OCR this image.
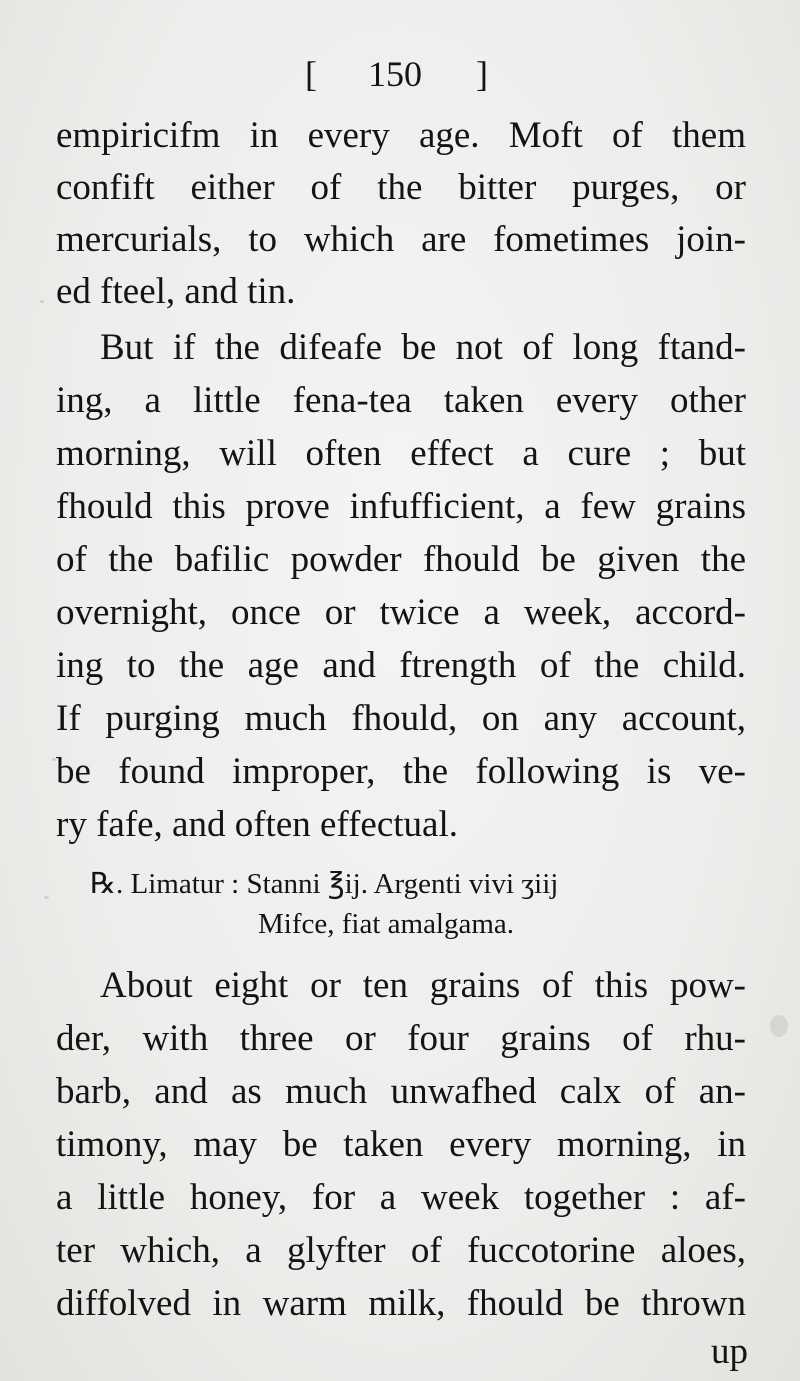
[ 150 ]
empiricifm in every age. Moft of them
confift either of the bitter purges, or
mercurials, to which are fometimes join-
ed fteel, and tin.
But if the difeafe be not of long ftand-
ing, a little fena-tea taken every other
morning, will often effect a cure ; but
fhould this prove infufficient, a few grains
of the bafilic powder fhould be given the
overnight, once or twice a week, accord-
ing to the age and ftrength of the child.
If purging much fhould, on any account,
be found improper, the following is ve-
ry fafe, and often effectual.
℞. Limatur : Stanni ℥ij. Argenti vivi ʒiij
Mifce, fiat amalgama.
About eight or ten grains of this pow-
der, with three or four grains of rhu-
barb, and as much unwafhed calx of an-
timony, may be taken every morning, in
a little honey, for a week together : af-
ter which, a glyfter of fuccotorine aloes,
diffolved in warm milk, fhould be thrown
up
